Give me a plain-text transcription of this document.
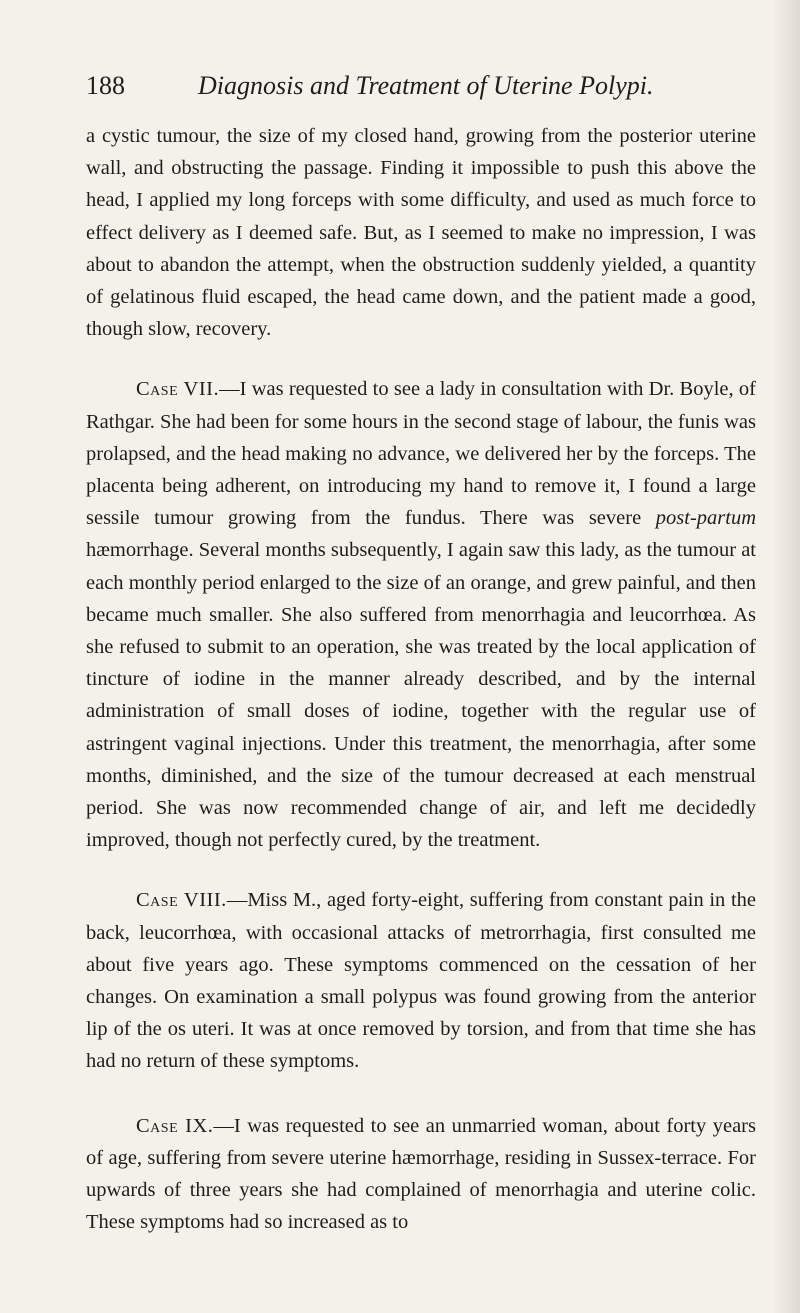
188	Diagnosis and Treatment of Uterine Polypi.

a cystic tumour, the size of my closed hand, growing from the posterior uterine wall, and obstructing the passage. Finding it impossible to push this above the head, I applied my long forceps with some difficulty, and used as much force to effect delivery as I deemed safe. But, as I seemed to make no impression, I was about to abandon the attempt, when the obstruction suddenly yielded, a quantity of gelatinous fluid escaped, the head came down, and the patient made a good, though slow, recovery.

Case VII.—I was requested to see a lady in consultation with Dr. Boyle, of Rathgar. She had been for some hours in the second stage of labour, the funis was prolapsed, and the head making no advance, we delivered her by the forceps. The placenta being adherent, on introducing my hand to remove it, I found a large sessile tumour growing from the fundus. There was severe post-partum hæmorrhage. Several months subsequently, I again saw this lady, as the tumour at each monthly period enlarged to the size of an orange, and grew painful, and then became much smaller. She also suffered from menorrhagia and leucorrhœa. As she refused to submit to an operation, she was treated by the local application of tincture of iodine in the manner already described, and by the internal administration of small doses of iodine, together with the regular use of astringent vaginal injections. Under this treatment, the menorrhagia, after some months, diminished, and the size of the tumour decreased at each menstrual period. She was now recommended change of air, and left me decidedly improved, though not perfectly cured, by the treatment.

Case VIII.—Miss M., aged forty-eight, suffering from constant pain in the back, leucorrhœa, with occasional attacks of metrorrhagia, first consulted me about five years ago. These symptoms commenced on the cessation of her changes. On examination a small polypus was found growing from the anterior lip of the os uteri. It was at once removed by torsion, and from that time she has had no return of these symptoms.

Case IX.—I was requested to see an unmarried woman, about forty years of age, suffering from severe uterine hæmorrhage, residing in Sussex-terrace. For upwards of three years she had complained of menorrhagia and uterine colic. These symptoms had so increased as to
